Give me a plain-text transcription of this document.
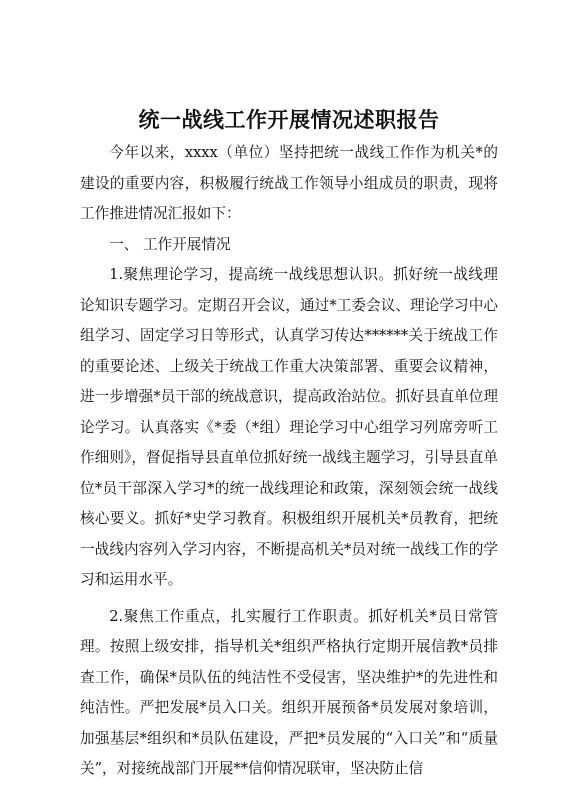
统一战线工作开展情况述职报告

今年以来，xxxx（单位）坚持把统一战线工作作为机关*的建设的重要内容，积极履行统战工作领导小组成员的职责，现将工作推进情况汇报如下：

一、 工作开展情况

1.聚焦理论学习，提高统一战线思想认识。抓好统一战线理论知识专题学习。定期召开会议，通过*工委会议、理论学习中心组学习、固定学习日等形式，认真学习传达******关于统战工作的重要论述、上级关于统战工作重大决策部署、重要会议精神，进一步增强*员干部的统战意识，提高政治站位。抓好县直单位理论学习。认真落实《*委（*组）理论学习中心组学习列席旁听工作细则》，督促指导县直单位抓好统一战线主题学习，引导县直单位*员干部深入学习*的统一战线理论和政策，深刻领会统一战线核心要义。抓好*史学习教育。积极组织开展机关*员教育，把统一战线内容列入学习内容，不断提高机关*员对统一战线工作的学习和运用水平。

2.聚焦工作重点，扎实履行工作职责。抓好机关*员日常管理。按照上级安排，指导机关*组织严格执行定期开展信教*员排查工作，确保*员队伍的纯洁性不受侵害，坚决维护*的先进性和纯洁性。严把发展*员入口关。组织开展预备*员发展对象培训，加强基层*组织和*员队伍建设，严把*员发展的“入口关”和“质量关”，对接统战部门开展**信仰情况联审，坚决防止信
